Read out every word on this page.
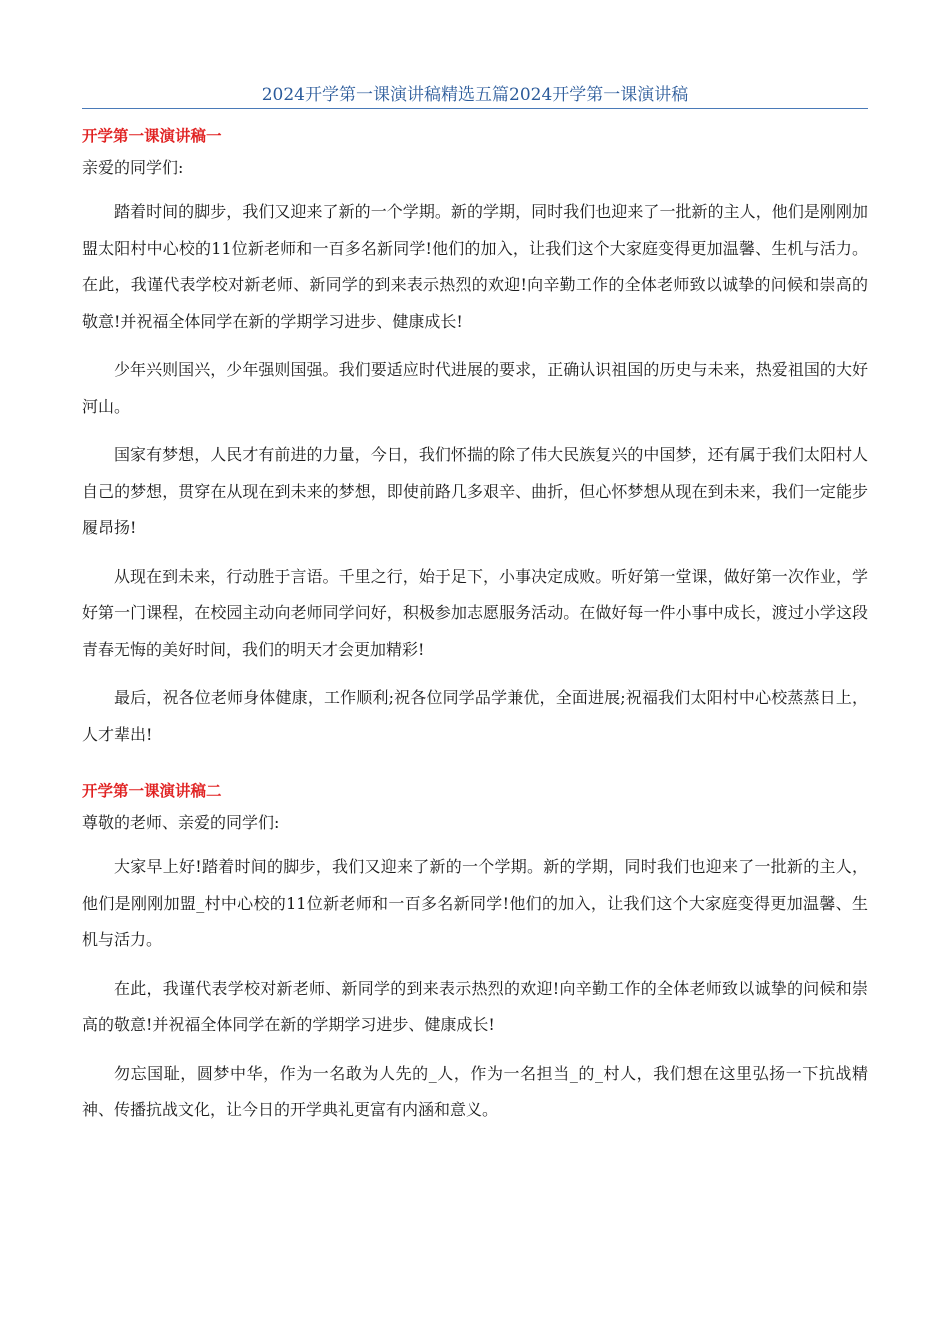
2024开学第一课演讲稿精选五篇2024开学第一课演讲稿

开学第一课演讲稿一

亲爱的同学们:

踏着时间的脚步，我们又迎来了新的一个学期。新的学期，同时我们也迎来了一批新的主人，他们是刚刚加盟太阳村中心校的11位新老师和一百多名新同学!他们的加入，让我们这个大家庭变得更加温馨、生机与活力。在此，我谨代表学校对新老师、新同学的到来表示热烈的欢迎!向辛勤工作的全体老师致以诚挚的问候和崇高的敬意!并祝福全体同学在新的学期学习进步、健康成长!

少年兴则国兴，少年强则国强。我们要适应时代进展的要求，正确认识祖国的历史与未来，热爱祖国的大好河山。

国家有梦想，人民才有前进的力量，今日，我们怀揣的除了伟大民族复兴的中国梦，还有属于我们太阳村人自己的梦想，贯穿在从现在到未来的梦想，即使前路几多艰辛、曲折，但心怀梦想从现在到未来，我们一定能步履昂扬!

从现在到未来，行动胜于言语。千里之行，始于足下，小事决定成败。听好第一堂课，做好第一次作业，学好第一门课程，在校园主动向老师同学问好，积极参加志愿服务活动。在做好每一件小事中成长，渡过小学这段青春无悔的美好时间，我们的明天才会更加精彩!

最后，祝各位老师身体健康，工作顺利;祝各位同学品学兼优，全面进展;祝福我们太阳村中心校蒸蒸日上，人才辈出!

开学第一课演讲稿二

尊敬的老师、亲爱的同学们:

大家早上好!踏着时间的脚步，我们又迎来了新的一个学期。新的学期，同时我们也迎来了一批新的主人，他们是刚刚加盟_村中心校的11位新老师和一百多名新同学!他们的加入，让我们这个大家庭变得更加温馨、生机与活力。

在此，我谨代表学校对新老师、新同学的到来表示热烈的欢迎!向辛勤工作的全体老师致以诚挚的问候和崇高的敬意!并祝福全体同学在新的学期学习进步、健康成长!

勿忘国耻，圆梦中华，作为一名敢为人先的_人，作为一名担当_的_村人，我们想在这里弘扬一下抗战精神、传播抗战文化，让今日的开学典礼更富有内涵和意义。
